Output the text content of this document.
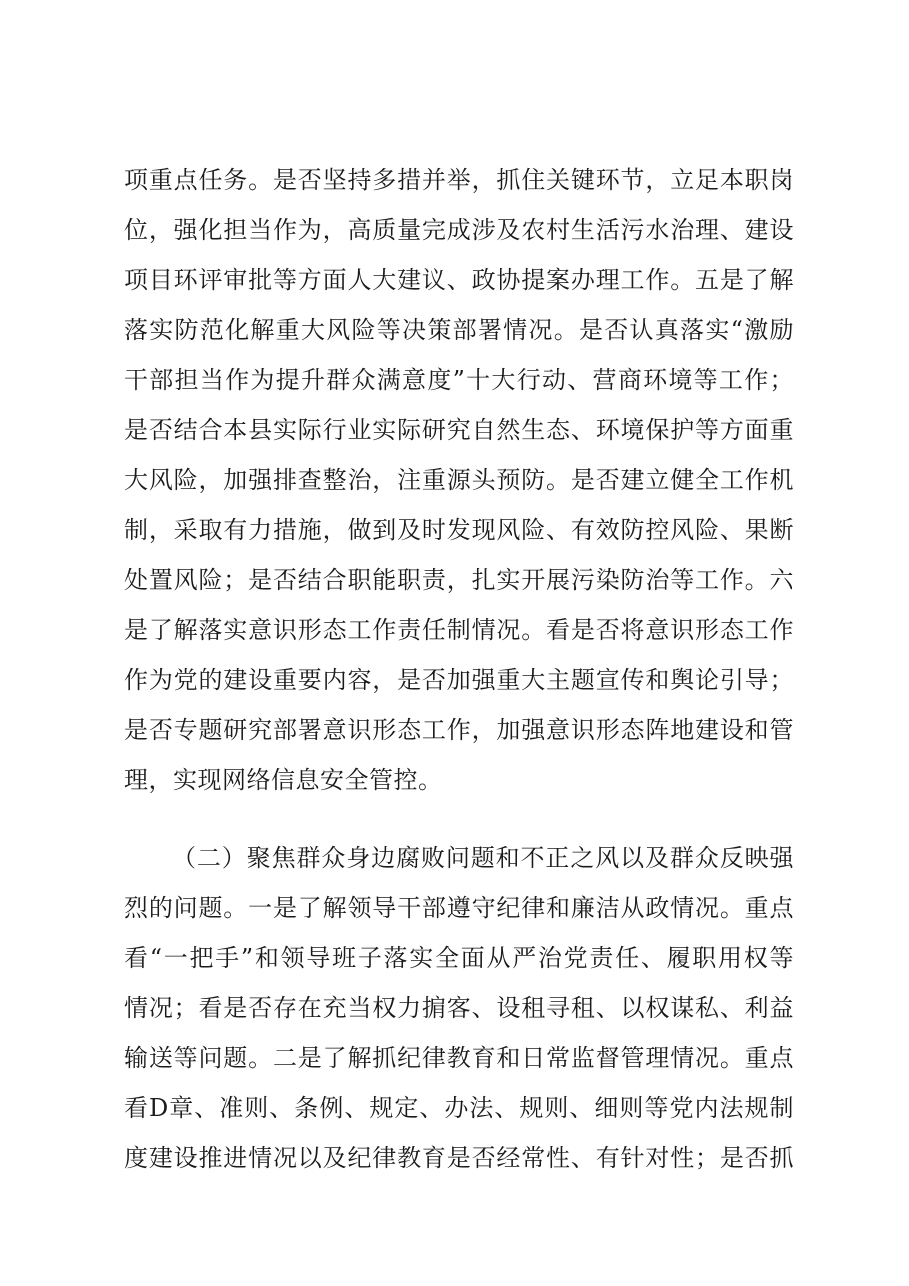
项重点任务。是否坚持多措并举，抓住关键环节，立足本职岗
位，强化担当作为，高质量完成涉及农村生活污水治理、建设
项目环评审批等方面人大建议、政协提案办理工作。五是了解
落实防范化解重大风险等决策部署情况。是否认真落实“激励
干部担当作为提升群众满意度”十大行动、营商环境等工作；
是否结合本县实际行业实际研究自然生态、环境保护等方面重
大风险，加强排查整治，注重源头预防。是否建立健全工作机
制，采取有力措施，做到及时发现风险、有效防控风险、果断
处置风险；是否结合职能职责，扎实开展污染防治等工作。六
是了解落实意识形态工作责任制情况。看是否将意识形态工作
作为党的建设重要内容，是否加强重大主题宣传和舆论引导；
是否专题研究部署意识形态工作，加强意识形态阵地建设和管
理，实现网络信息安全管控。
（二）聚焦群众身边腐败问题和不正之风以及群众反映强
烈的问题。一是了解领导干部遵守纪律和廉洁从政情况。重点
看“一把手”和领导班子落实全面从严治党责任、履职用权等
情况；看是否存在充当权力掮客、设租寻租、以权谋私、利益
输送等问题。二是了解抓纪律教育和日常监督管理情况。重点
看D章、准则、条例、规定、办法、规则、细则等党内法规制
度建设推进情况以及纪律教育是否经常性、有针对性；是否抓
